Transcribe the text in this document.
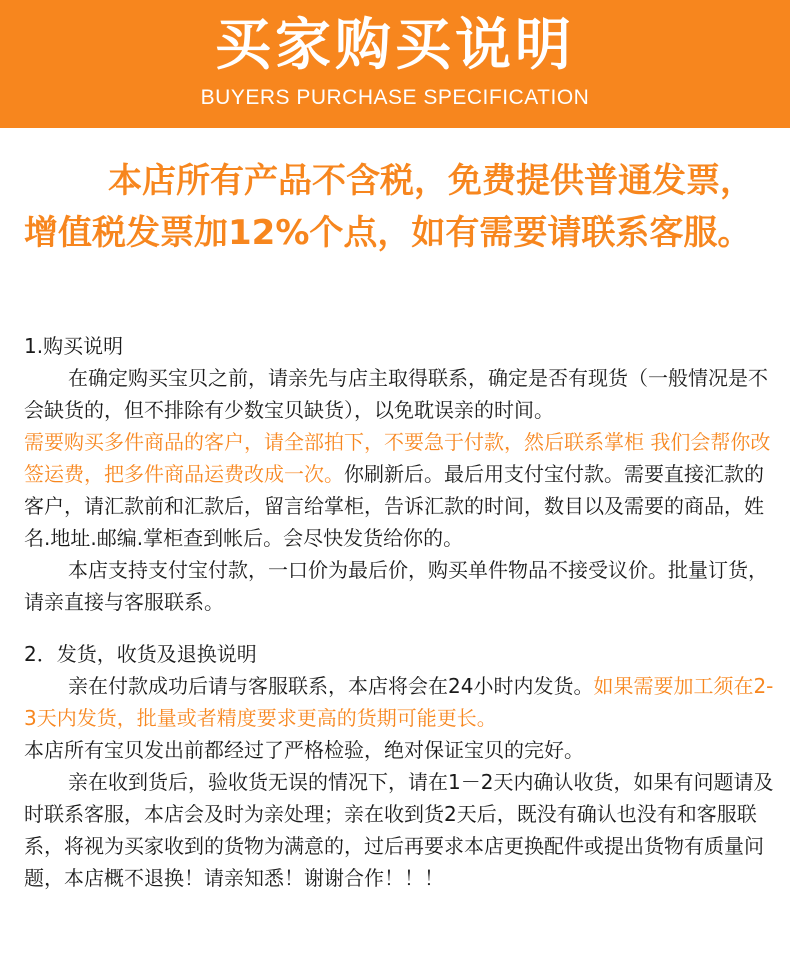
买家购买说明
BUYERS PURCHASE SPECIFICATION
本店所有产品不含税，免费提供普通发票，增值税发票加12%个点，如有需要请联系客服。

1.购买说明

在确定购买宝贝之前，请亲先与店主取得联系，确定是否有现货（一般情况是不会缺货的，但不排除有少数宝贝缺货），以免耽误亲的时间。

需要购买多件商品的客户，请全部拍下，不要急于付款，然后联系掌柜 我们会帮你改签运费，把多件商品运费改成一次。你刷新后。最后用支付宝付款。需要直接汇款的客户，请汇款前和汇款后，留言给掌柜，告诉汇款的时间，数目以及需要的商品，姓名.地址.邮编.掌柜查到帐后。会尽快发货给你的。

本店支持支付宝付款，一口价为最后价，购买单件物品不接受议价。批量订货，请亲直接与客服联系。

2．发货，收货及退换说明

亲在付款成功后请与客服联系，本店将会在24小时内发货。如果需要加工须在2-3天内发货，批量或者精度要求更高的货期可能更长。

本店所有宝贝发出前都经过了严格检验，绝对保证宝贝的完好。

亲在收到货后，验收货无误的情况下，请在1－2天内确认收货，如果有问题请及时联系客服，本店会及时为亲处理；亲在收到货2天后，既没有确认也没有和客服联系，将视为买家收到的货物为满意的，过后再要求本店更换配件或提出货物有质量问题，本店概不退换！请亲知悉！谢谢合作！！！
